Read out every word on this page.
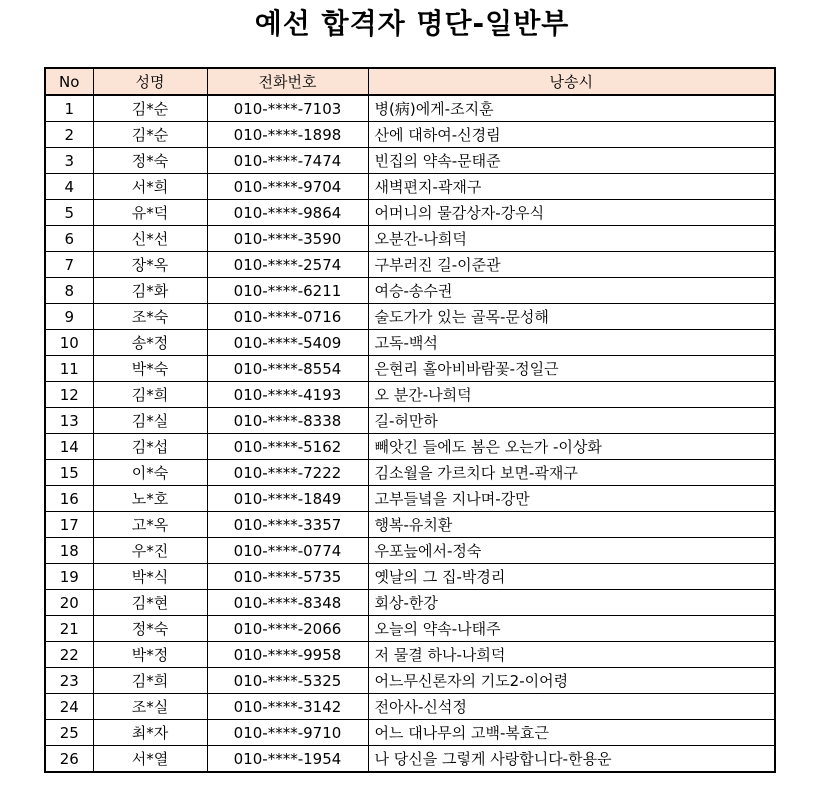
예선 합격자 명단-일반부
No	성명	전화번호	낭송시
1	김*순	010-****-7103	병(病)에게-조지훈
2	김*순	010-****-1898	산에 대하여-신경림
3	정*숙	010-****-7474	빈집의 약속-문태준
4	서*희	010-****-9704	새벽편지-곽재구
5	유*덕	010-****-9864	어머니의 물감상자-강우식
6	신*선	010-****-3590	오분간-나희덕
7	장*옥	010-****-2574	구부러진 길-이준관
8	김*화	010-****-6211	여승-송수권
9	조*숙	010-****-0716	술도가가 있는 골목-문성해
10	송*정	010-****-5409	고독-백석
11	박*숙	010-****-8554	은현리 홀아비바람꽃-정일근
12	김*희	010-****-4193	오 분간-나희덕
13	김*실	010-****-8338	길-허만하
14	김*섭	010-****-5162	빼앗긴 들에도 봄은 오는가 -이상화
15	이*숙	010-****-7222	김소월을 가르치다 보면-곽재구
16	노*호	010-****-1849	고부들녘을 지나며-강만
17	고*옥	010-****-3357	행복-유치환
18	우*진	010-****-0774	우포늪에서-정숙
19	박*식	010-****-5735	옛날의 그 집-박경리
20	김*현	010-****-8348	회상-한강
21	정*숙	010-****-2066	오늘의 약속-나태주
22	박*정	010-****-9958	저 물결 하나-나희덕
23	김*희	010-****-5325	어느무신론자의 기도2-이어령
24	조*실	010-****-3142	전아사-신석정
25	최*자	010-****-9710	어느 대나무의 고백-복효근
26	서*열	010-****-1954	나 당신을 그렇게 사랑합니다-한용운
